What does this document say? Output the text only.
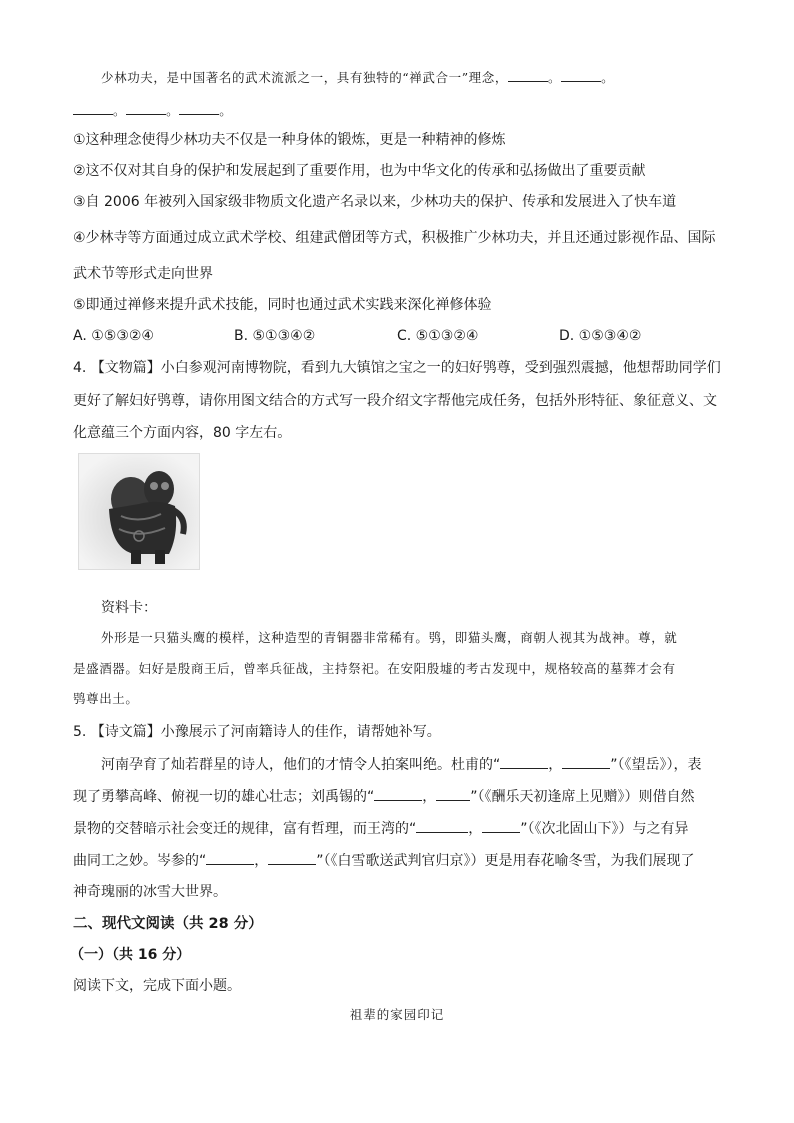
少林功夫，是中国著名的武术流派之一，具有独特的“禅武合一”理念，	。	。
。	。	。
①这种理念使得少林功夫不仅是一种身体的锻炼，更是一种精神的修炼
②这不仅对其自身的保护和发展起到了重要作用，也为中华文化的传承和弘扬做出了重要贡献
③自 2006 年被列入国家级非物质文化遗产名录以来，少林功夫的保护、传承和发展进入了快车道
④少林寺等方面通过成立武术学校、组建武僧团等方式，积极推广少林功夫，并且还通过影视作品、国际
武术节等形式走向世界
⑤即通过禅修来提升武术技能，同时也通过武术实践来深化禅修体验
A. ①⑤③②④	B. ⑤①③④②	C. ⑤①③②④	D. ①⑤③④②
4. 【文物篇】小白参观河南博物院，看到九大镇馆之宝之一的妇好鸮尊，受到强烈震撼，他想帮助同学们
更好了解妇好鸮尊，请你用图文结合的方式写一段介绍文字帮他完成任务，包括外形特征、象征意义、文
化意蕴三个方面内容，80 字左右。
资料卡：
外形是一只猫头鹰的模样，这种造型的青铜器非常稀有。鸮，即猫头鹰，商朝人视其为战神。尊，就
是盛酒器。妇好是殷商王后，曾率兵征战，主持祭祀。在安阳殷墟的考古发现中，规格较高的墓葬才会有
鸮尊出土。
5. 【诗文篇】小豫展示了河南籍诗人的佳作，请帮她补写。
河南孕育了灿若群星的诗人，他们的才情令人拍案叫绝。杜甫的“	，	”（《望岳》），表
现了勇攀高峰、俯视一切的雄心壮志；刘禹锡的“	， ”（《酬乐天初逢席上见赠》）则借自然
景物的交替暗示社会变迁的规律，富有哲理，而王湾的“	，	”（《次北固山下》）与之有异
曲同工之妙。岑参的“	，	”（《白雪歌送武判官归京》）更是用春花喻冬雪，为我们展现了
神奇瑰丽的冰雪大世界。
二、现代文阅读（共 28 分）
（一）（共 16 分）
阅读下文，完成下面小题。
祖辈的家园印记
